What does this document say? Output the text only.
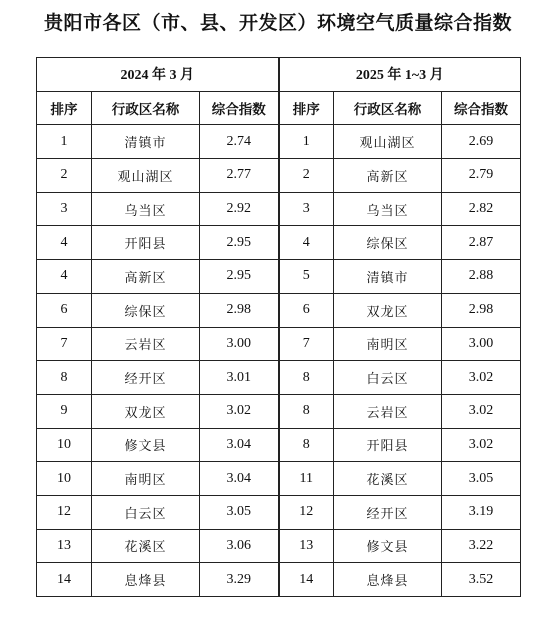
贵阳市各区（市、县、开发区）环境空气质量综合指数
2024 年 3 月			2025 年 1~3 月		
排序	行政区名称	综合指数	排序	行政区名称	综合指数
1	清镇市	2.74	1	观山湖区	2.69
2	观山湖区	2.77	2	高新区	2.79
3	乌当区	2.92	3	乌当区	2.82
4	开阳县	2.95	4	综保区	2.87
4	高新区	2.95	5	清镇市	2.88
6	综保区	2.98	6	双龙区	2.98
7	云岩区	3.00	7	南明区	3.00
8	经开区	3.01	8	白云区	3.02
9	双龙区	3.02	8	云岩区	3.02
10	修文县	3.04	8	开阳县	3.02
10	南明区	3.04	11	花溪区	3.05
12	白云区	3.05	12	经开区	3.19
13	花溪区	3.06	13	修文县	3.22
14	息烽县	3.29	14	息烽县	3.52
